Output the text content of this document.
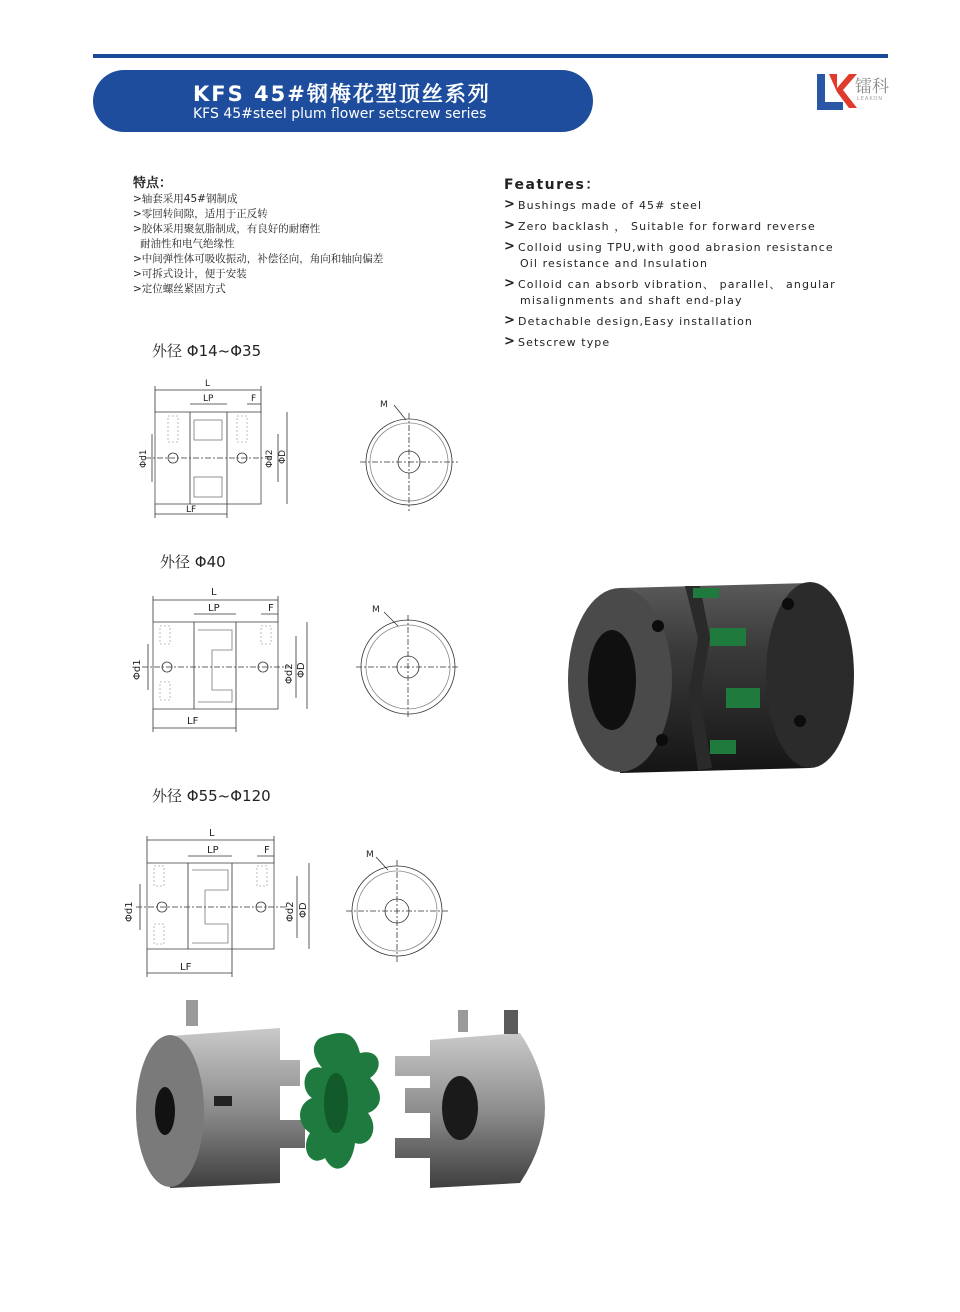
KFS 45#钢梅花型顶丝系列
KFS 45#steel plum flower setscrew series
镭科
LEAKON
特点：
>轴套采用45#钢制成
>零回转间隙，适用于正反转
>胶体采用聚氨脂制成，有良好的耐磨性
耐油性和电气绝缘性
>中间弹性体可吸收振动，补偿径向，角向和轴向偏差
>可拆式设计，便于安装
>定位螺丝紧固方式
Features：
> Bushings made of 45# steel
> Zero backlash ， Suitable for forward reverse
> Colloid using TPU,with good abrasion resistance
Oil resistance and Insulation
> Colloid can absorb vibration、 parallel、 angular
misalignments and shaft end-play
> Detachable design,Easy installation
> Setscrew type
外径 Φ14~Φ35
外径 Φ40
外径 Φ55~Φ120
L
LP	F
LF
Φd1	Φd2 ΦD
M
L
LP	F
LF
Φd1	Φd2 ΦD
M
L
LP	F
LF
Φd1	Φd2 ΦD
M
